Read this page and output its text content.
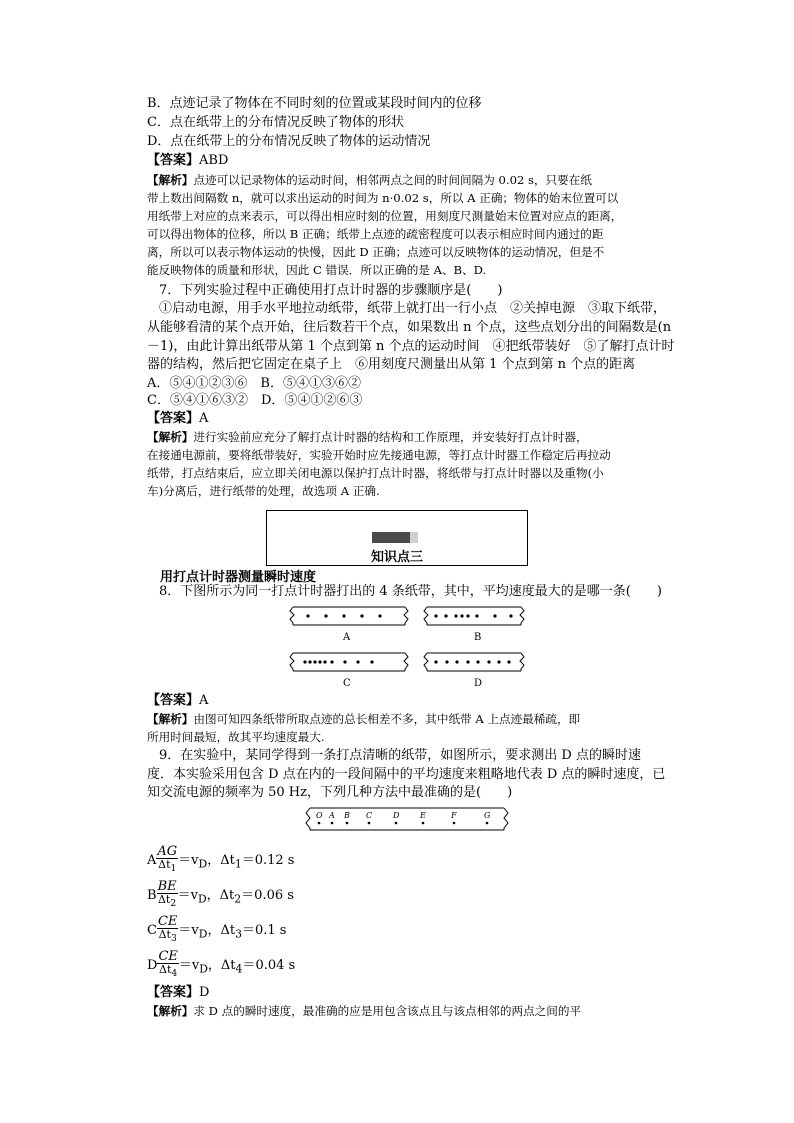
B．点迹记录了物体在不同时刻的位置或某段时间内的位移
C．点在纸带上的分布情况反映了物体的形状
D．点在纸带上的分布情况反映了物体的运动情况
【答案】ABD
【解析】点迹可以记录物体的运动时间，相邻两点之间的时间间隔为 0.02 s，只要在纸
带上数出间隔数 n，就可以求出运动的时间为 n·0.02 s，所以 A 正确；物体的始末位置可以
用纸带上对应的点来表示，可以得出相应时刻的位置，用刻度尺测量始末位置对应点的距离，
可以得出物体的位移，所以 B 正确；纸带上点迹的疏密程度可以表示相应时间内通过的距
离，所以可以表示物体运动的快慢，因此 D 正确；点迹可以反映物体的运动情况，但是不
能反映物体的质量和形状，因此 C 错误．所以正确的是 A、B、D.
7．下列实验过程中正确使用打点计时器的步骤顺序是(　　)
①启动电源，用手水平地拉动纸带，纸带上就打出一行小点　②关掉电源　③取下纸带，
从能够看清的某个点开始，往后数若干个点，如果数出 n 个点，这些点划分出的间隔数是(n
－1)，由此计算出纸带从第 1 个点到第 n 个点的运动时间　④把纸带装好　⑤了解打点计时
器的结构，然后把它固定在桌子上　⑥用刻度尺测量出从第 1 个点到第 n 个点的距离
A．⑤④①②③⑥　B．⑤④①③⑥②
C．⑤④①⑥③②　D．⑤④①②⑥③
【答案】A
【解析】进行实验前应充分了解打点计时器的结构和工作原理，并安装好打点计时器，
在接通电源前，要将纸带装好，实验开始时应先接通电源，等打点计时器工作稳定后再拉动
纸带，打点结束后，应立即关闭电源以保护打点计时器，将纸带与打点计时器以及重物(小
车)分离后，进行纸带的处理，故选项 A 正确.
知识点三
用打点计时器测量瞬时速度
8．下图所示为同一打点计时器打出的 4 条纸带，其中，平均速度最大的是哪一条(　　)
A	B
C	D
【答案】A
【解析】由图可知四条纸带所取点迹的总长相差不多，其中纸带 A 上点迹最稀疏，即
所用时间最短，故其平均速度最大.
9．在实验中，某同学得到一条打点清晰的纸带，如图所示，要求测出 D 点的瞬时速
度．本实验采用包含 D 点在内的一段间隔中的平均速度来粗略地代表 D 点的瞬时速度，已
知交流电源的频率为 50 Hz，下列几种方法中最准确的是(　　)
O A B C	D	E	F	G
A $\frac{AG}{\Delta t_1} =v_D$，$\Delta t_1=0.12$ s
B $\frac{BE}{\Delta t_2} =v_D$，$\Delta t_2=0.06$ s
C $\frac{CE}{\Delta t_3} =v_D$，$\Delta t_3=0.1$ s
D $\frac{CE}{\Delta t_4} =v_D$，$\Delta t_4=0.04$ s
【答案】D
【解析】求 D 点的瞬时速度，最准确的应是用包含该点且与该点相邻的两点之间的平
